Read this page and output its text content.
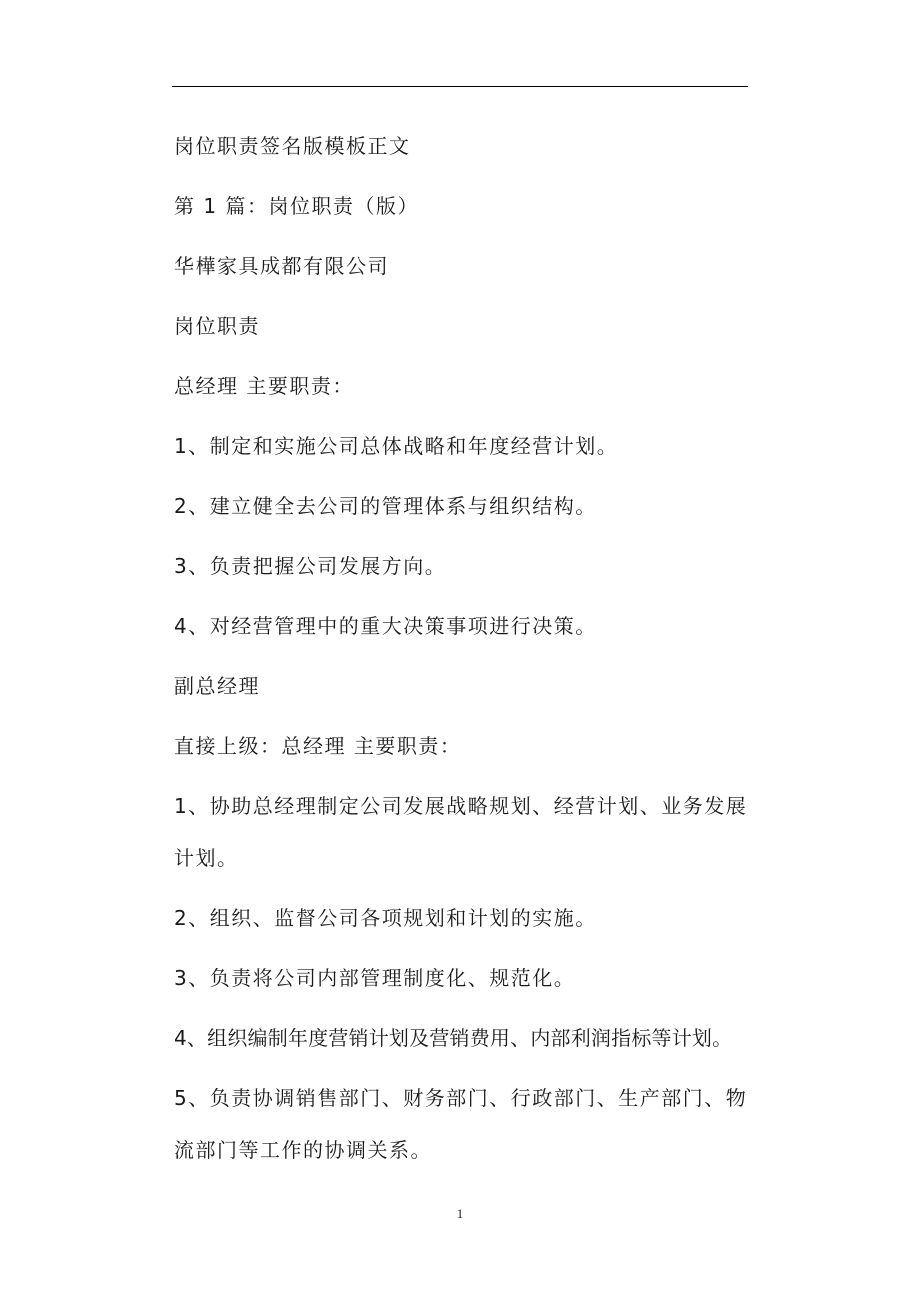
岗位职责签名版模板正文

第 1 篇：岗位职责（版）

华樺家具成都有限公司

岗位职责

总经理 主要职责：

1、制定和实施公司总体战略和年度经营计划。

2、建立健全去公司的管理体系与组织结构。

3、负责把握公司发展方向。

4、对经营管理中的重大决策事项进行决策。

副总经理

直接上级：总经理 主要职责：

1、协助总经理制定公司发展战略规划、经营计划、业务发展计划。

2、组织、监督公司各项规划和计划的实施。

3、负责将公司内部管理制度化、规范化。

4、组织编制年度营销计划及营销费用、内部利润指标等计划。

5、负责协调销售部门、财务部门、行政部门、生产部门、物流部门等工作的协调关系。

1
